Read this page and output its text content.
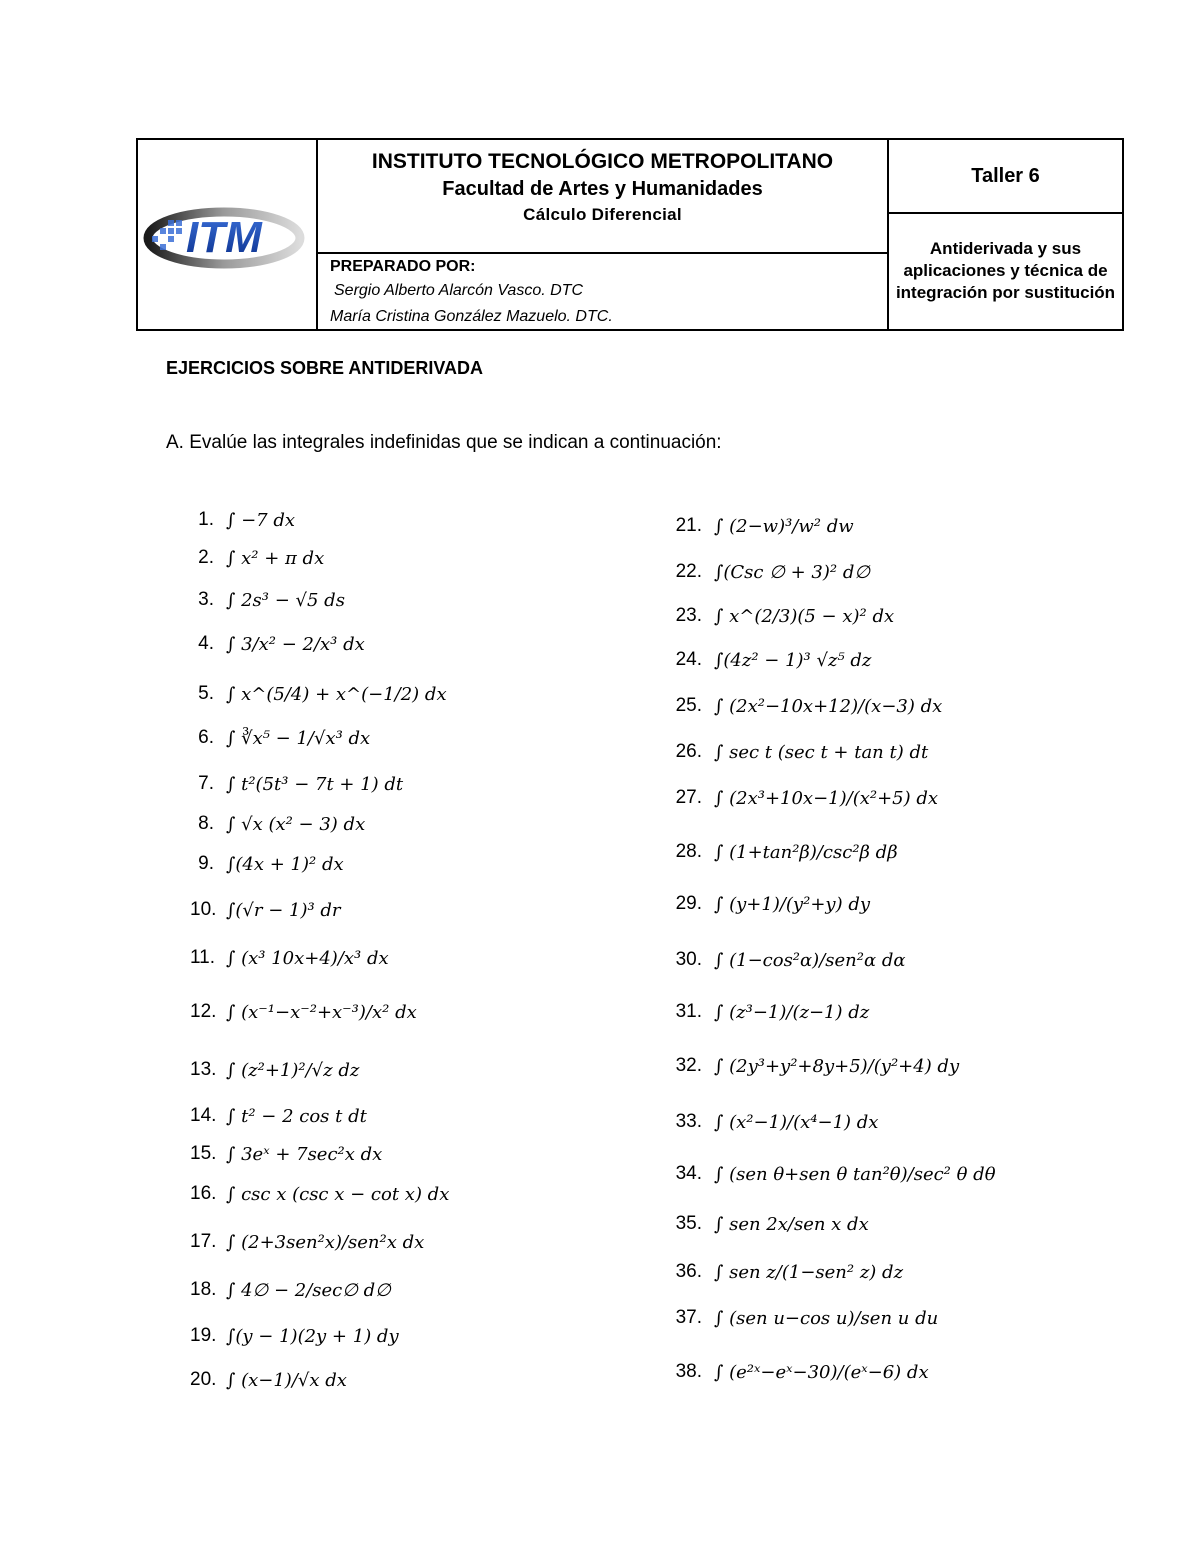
ITM
INSTITUTO TECNOLÓGICO METROPOLITANO
Facultad de Artes y Humanidades
Cálculo Diferencial
PREPARADO POR:
Sergio Alberto Alarcón Vasco. DTC
María Cristina González Mazuelo. DTC.
Taller 6
Antiderivada y sus aplicaciones y técnica de integración por sustitución
EJERCICIOS SOBRE ANTIDERIVADA
A. Evalúe las integrales indefinidas que se indican a continuación:
1. ∫ −7 dx
2. ∫ x² + π dx
3. ∫ 2s³ − √5 ds
4. ∫ 3/x² − 2/x³ dx
5. ∫ x^(5/4) + x^(−1/2) dx
6. ∫ ∛x⁵ − 1/√x³ dx
7. ∫ t²(5t³ − 7t + 1) dt
8. ∫ √x (x² − 3) dx
9. ∫(4x + 1)² dx
10. ∫(√r − 1)³ dr
11. ∫ (x³ 10x+4)/x³ dx
12. ∫ (x⁻¹−x⁻²+x⁻³)/x² dx
13. ∫ (z²+1)²/√z dz
14. ∫ t² − 2 cos t dt
15. ∫ 3eˣ + 7sec²x dx
16. ∫ csc x (csc x − cot x) dx
17. ∫ (2+3sen²x)/sen²x dx
18. ∫ 4∅ − 2/sec∅ d∅
19. ∫(y − 1)(2y + 1) dy
20. ∫ (x−1)/√x dx
21. ∫ (2−w)³/w² dw
22. ∫(Csc ∅ + 3)² d∅
23. ∫ x^(2/3)(5 − x)² dx
24. ∫(4z² − 1)³ √z⁵ dz
25. ∫ (2x²−10x+12)/(x−3) dx
26. ∫ sec t (sec t + tan t) dt
27. ∫ (2x³+10x−1)/(x²+5) dx
28. ∫ (1+tan²β)/csc²β dβ
29. ∫ (y+1)/(y²+y) dy
30. ∫ (1−cos²α)/sen²α dα
31. ∫ (z³−1)/(z−1) dz
32. ∫ (2y³+y²+8y+5)/(y²+4) dy
33. ∫ (x²−1)/(x⁴−1) dx
34. ∫ (sen θ+sen θ tan²θ)/sec² θ dθ
35. ∫ sen 2x/sen x dx
36. ∫ sen z/(1−sen² z) dz
37. ∫ (sen u−cos u)/sen u du
38. ∫ (e²ˣ−eˣ−30)/(eˣ−6) dx
